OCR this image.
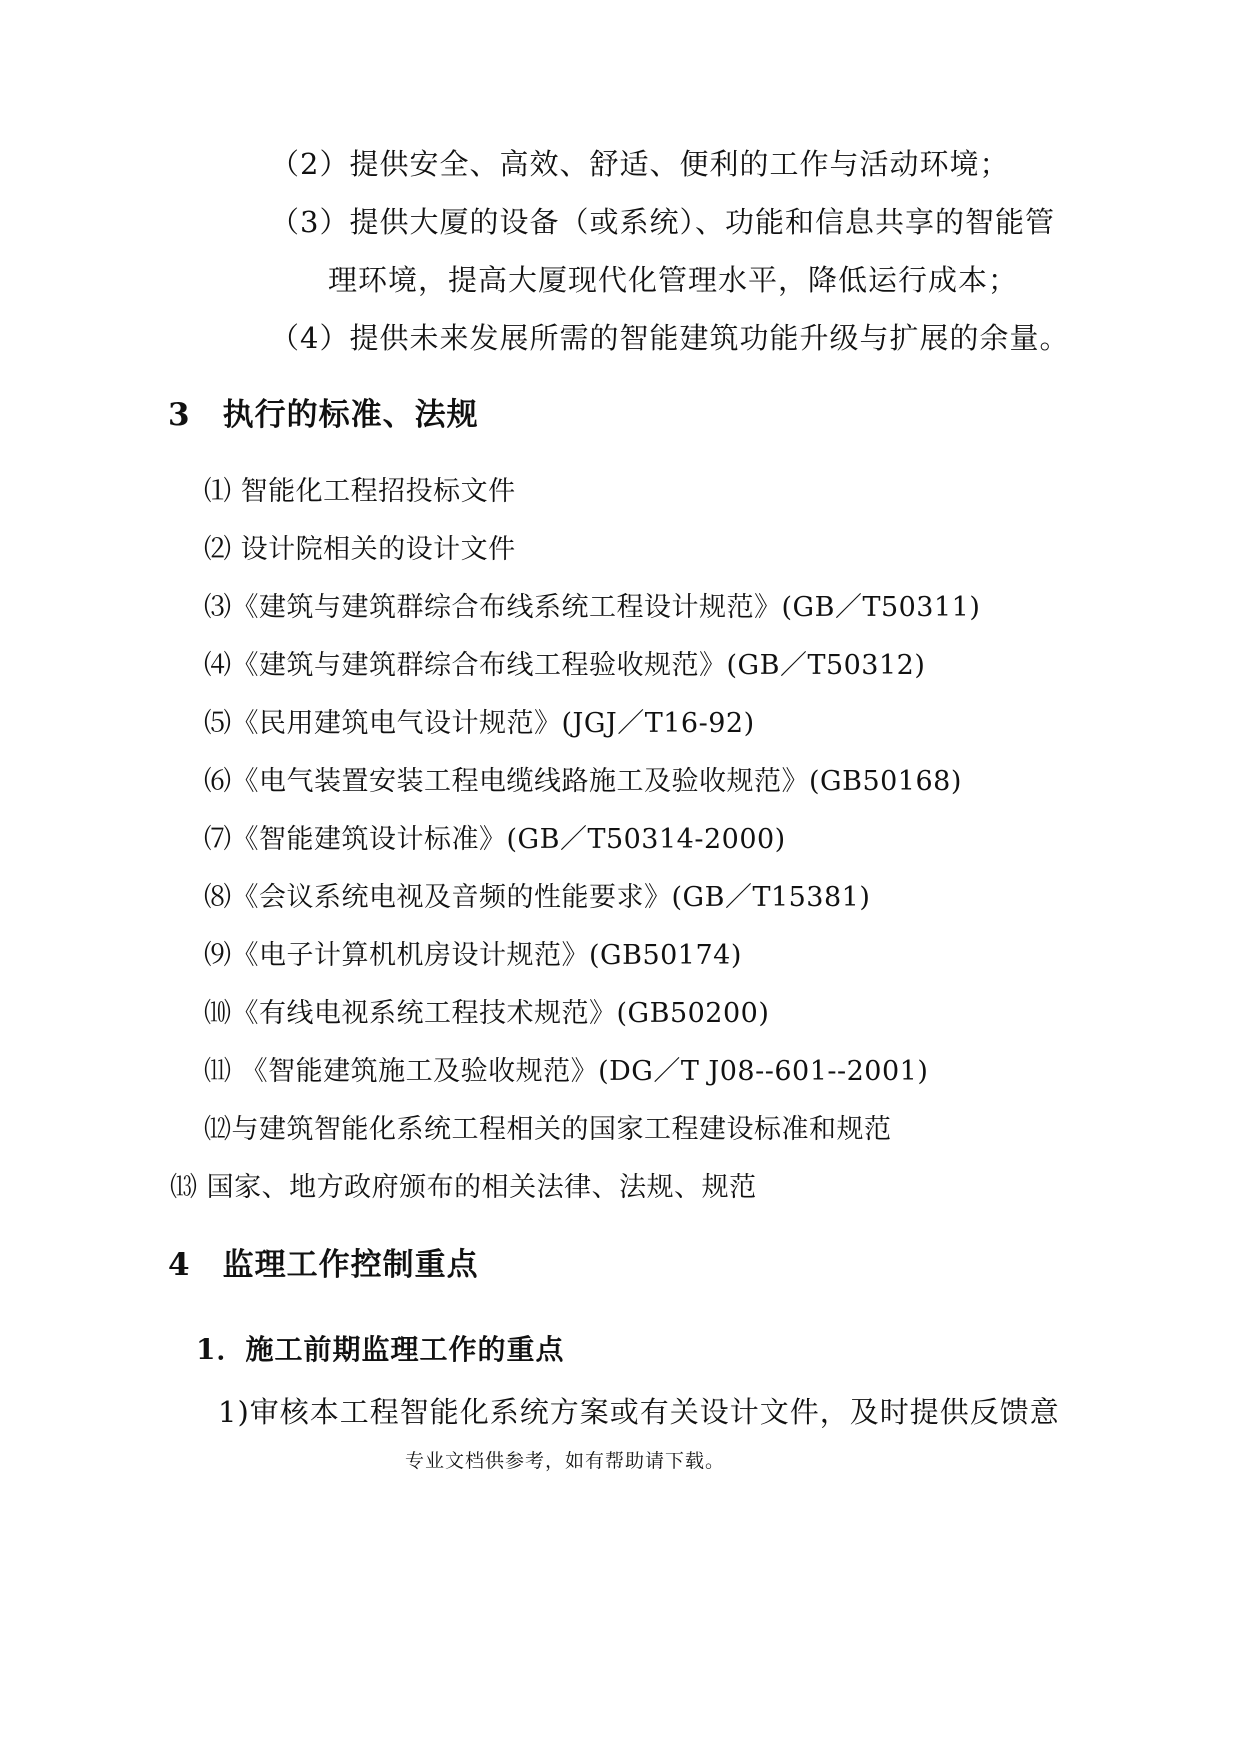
（2）提供安全、高效、舒适、便利的工作与活动环境；
（3）提供大厦的设备（或系统）、功能和信息共享的智能管
理环境，提高大厦现代化管理水平，降低运行成本；
（4）提供未来发展所需的智能建筑功能升级与扩展的余量。
3　执行的标准、法规
⑴ 智能化工程招投标文件
⑵ 设计院相关的设计文件
⑶《建筑与建筑群综合布线系统工程设计规范》(GB／T50311)
⑷《建筑与建筑群综合布线工程验收规范》(GB／T50312)
⑸《民用建筑电气设计规范》(JGJ／T16-92)
⑹《电气装置安装工程电缆线路施工及验收规范》(GB50168)
⑺《智能建筑设计标准》(GB／T50314-2000)
⑻《会议系统电视及音频的性能要求》(GB／T15381)
⑼《电子计算机机房设计规范》(GB50174)
⑽《有线电视系统工程技术规范》(GB50200)
⑾ 《智能建筑施工及验收规范》(DG／T J08--601--2001)
⑿与建筑智能化系统工程相关的国家工程建设标准和规范
⒀ 国家、地方政府颁布的相关法律、法规、规范
4　监理工作控制重点
1．施工前期监理工作的重点
1)审核本工程智能化系统方案或有关设计文件，及时提供反馈意
专业文档供参考，如有帮助请下载。
